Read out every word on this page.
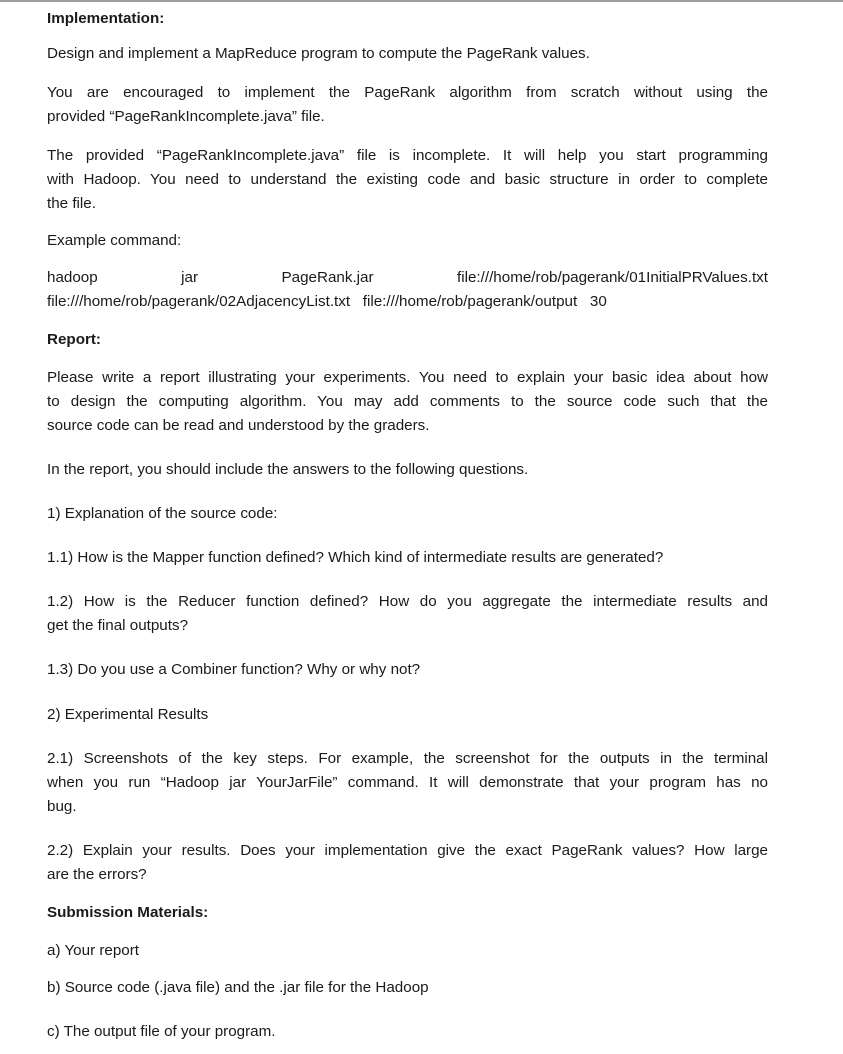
Implementation:

Design and implement a MapReduce program to compute the PageRank values.

You are encouraged to implement the PageRank algorithm from scratch without using the

provided “PageRankIncomplete.java” file.

The provided “PageRankIncomplete.java” file is incomplete. It will help you start programming

with Hadoop. You need to understand the existing code and basic structure in order to complete

the file.

Example command:

hadoop	jar	PageRank.jar	file:///home/rob/pagerank/01InitialPRValues.txt

file:///home/rob/pagerank/02AdjacencyList.txt file:///home/rob/pagerank/output 30

Report:

Please write a report illustrating your experiments. You need to explain your basic idea about how

to design the computing algorithm. You may add comments to the source code such that the

source code can be read and understood by the graders.

In the report, you should include the answers to the following questions.

1) Explanation of the source code:

1.1) How is the Mapper function defined? Which kind of intermediate results are generated?

1.2) How is the Reducer function defined? How do you aggregate the intermediate results and

get the final outputs?

1.3) Do you use a Combiner function? Why or why not?

2) Experimental Results

2.1) Screenshots of the key steps. For example, the screenshot for the outputs in the terminal

when you run “Hadoop jar YourJarFile” command. It will demonstrate that your program has no

bug.

2.2) Explain your results. Does your implementation give the exact PageRank values? How large

are the errors?

Submission Materials:

a) Your report

b) Source code (.java file) and the .jar file for the Hadoop

c) The output file of your program.
